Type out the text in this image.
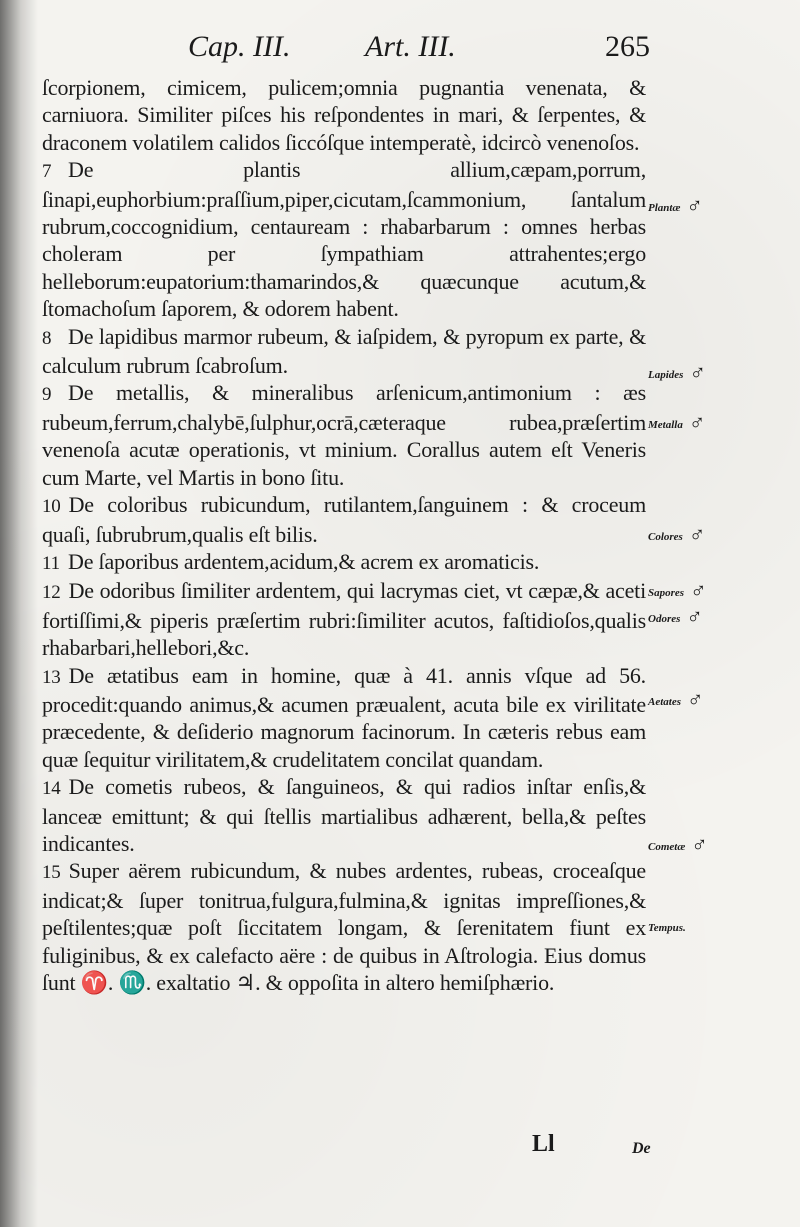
Cap. III. Art. III.	265

ſcorpionem, cimicem, pulicem;omnia pugnantia venenata, & carniuora. Similiter piſces his reſpondentes in mari, & ſerpentes, & draconem volatilem calidos ſiccóſque intemperatè, idcircò venenoſos.

7 De plantis allium,cæpam,porrum, ſinapi,euphorbium:praſſium,piper,cicutam,ſcammonium, ſantalum rubrum,coccognidium, centauream : rhabarbarum : omnes herbas choleram per ſympathiam attrahentes;ergo helleborum:eupatorium:thamarindos,& quæcunque acutum,& ſtomachoſum ſaporem, & odorem habent.

8 De lapidibus marmor rubeum, & iaſpidem, & pyropum ex parte, & calculum rubrum ſcabroſum.

9 De metallis, & mineralibus arſenicum,antimonium : æs rubeum,ferrum,chalybē,ſulphur,ocrā,cæteraque rubea,præſertim venenoſa acutæ operationis, vt minium. Corallus autem eſt Veneris cum Marte, vel Martis in bono ſitu.

10 De coloribus rubicundum, rutilantem,ſanguinem : & croceum quaſi, ſubrubrum,qualis eſt bilis.

11 De ſaporibus ardentem,acidum,& acrem ex aromaticis.

12 De odoribus ſimiliter ardentem, qui lacrymas ciet, vt cæpæ,& aceti fortiſſimi,& piperis præſertim rubri:ſimiliter acutos, faſtidioſos,qualis rhabarbari,hellebori,&c.

13 De ætatibus eam in homine, quæ à 41. annis vſque ad 56. procedit:quando animus,& acumen præualent, acuta bile ex virilitate præcedente, & deſiderio magnorum facinorum. In cæteris rebus eam quæ ſequitur virilitatem,& crudelitatem concilat quandam.

14 De cometis rubeos, & ſanguineos, & qui radios inſtar enſis,& lanceæ emittunt; & qui ſtellis martialibus adhærent, bella,& peſtes indicantes.

15 Super aërem rubicundum, & nubes ardentes, rubeas, croceaſque indicat;& ſuper tonitrua,fulgura,fulmina,& ignitas impreſſiones,& peſtilentes;quæ poſt ſiccitatem longam, & ſerenitatem fiunt ex fuliginibus, & ex calefacto aëre : de quibus in Aſtrologia. Eius domus ſunt ♈. ♏. exaltatio ♃. & oppoſita in altero hemiſphærio.

Plantæ ♂
Lapides ♂
Metalla ♂
Colores ♂
Sapores ♂
Odores ♂
Aetates ♂
Cometæ ♂
Tempus.
Ll	De
